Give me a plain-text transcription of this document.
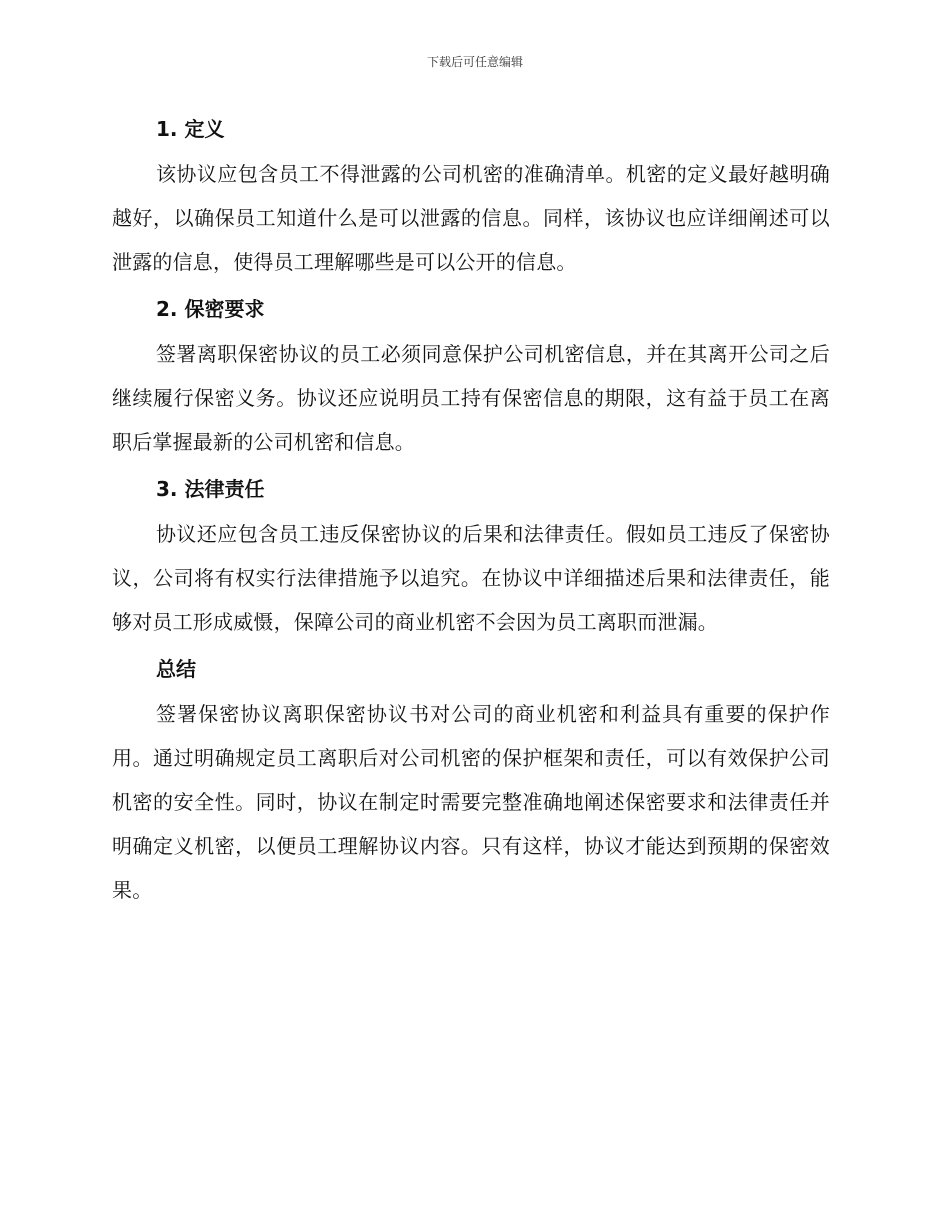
下载后可任意编辑
1. 定义

该协议应包含员工不得泄露的公司机密的准确清单。机密的定义最好越明确越好，以确保员工知道什么是可以泄露的信息。同样，该协议也应详细阐述可以泄露的信息，使得员工理解哪些是可以公开的信息。

2. 保密要求

签署离职保密协议的员工必须同意保护公司机密信息，并在其离开公司之后继续履行保密义务。协议还应说明员工持有保密信息的期限，这有益于员工在离职后掌握最新的公司机密和信息。

3. 法律责任

协议还应包含员工违反保密协议的后果和法律责任。假如员工违反了保密协议，公司将有权实行法律措施予以追究。在协议中详细描述后果和法律责任，能够对员工形成威慑，保障公司的商业机密不会因为员工离职而泄漏。

总结

签署保密协议离职保密协议书对公司的商业机密和利益具有重要的保护作用。通过明确规定员工离职后对公司机密的保护框架和责任，可以有效保护公司机密的安全性。同时，协议在制定时需要完整准确地阐述保密要求和法律责任并明确定义机密，以便员工理解协议内容。只有这样，协议才能达到预期的保密效果。
